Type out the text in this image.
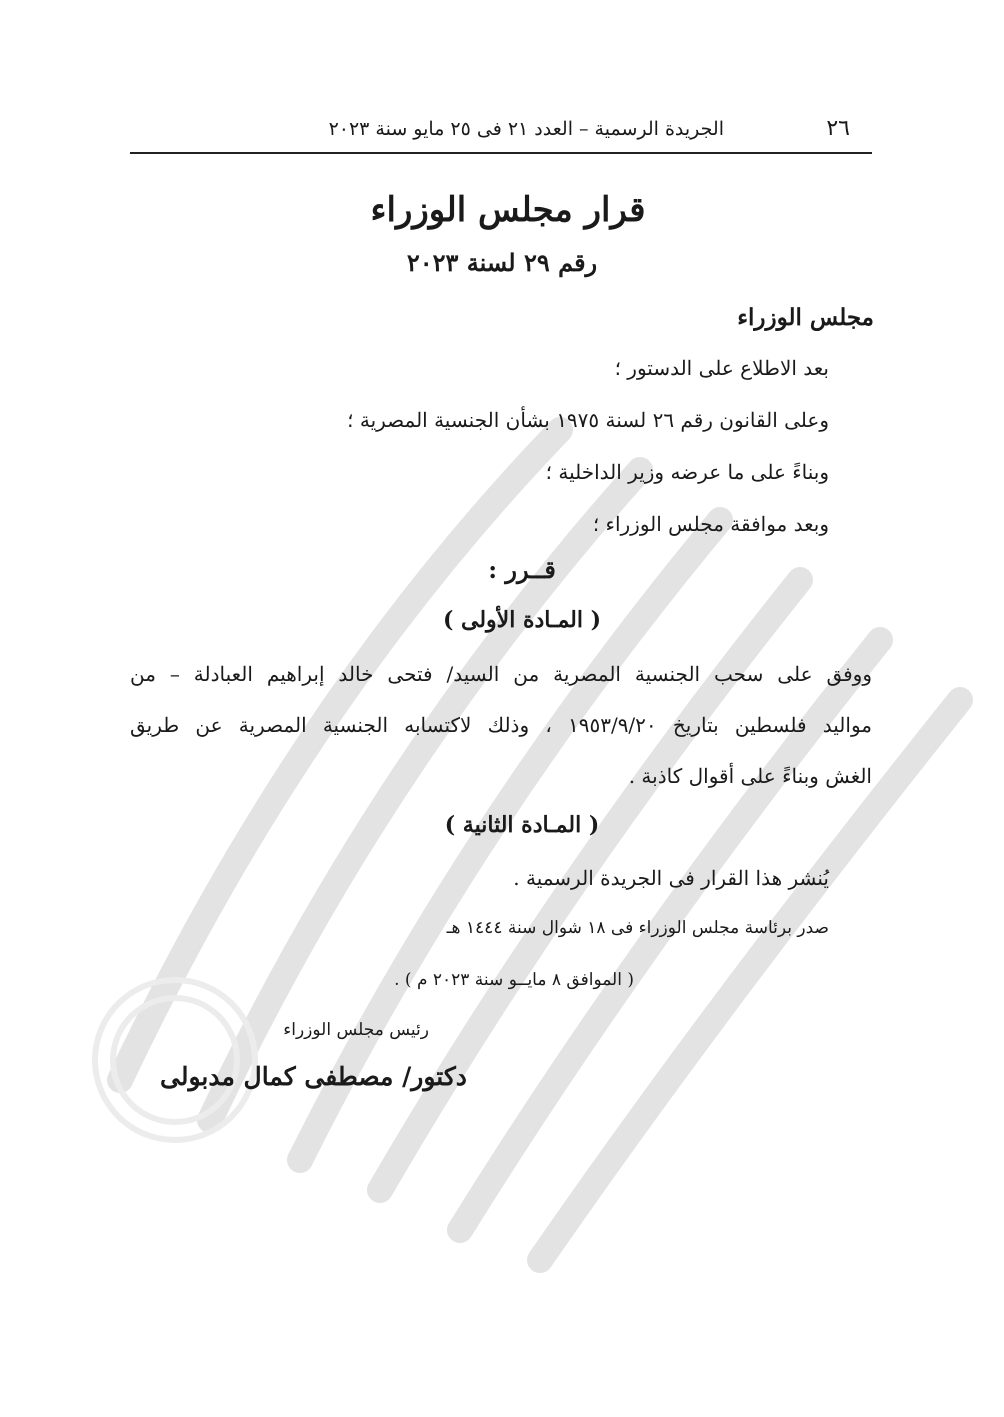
٢٦
الجريدة الرسمية – العدد ٢١ فى ٢٥ مايو سنة ٢٠٢٣
قرار مجلس الوزراء
رقم ٢٩ لسنة ٢٠٢٣
مجلس الوزراء
بعد الاطلاع على الدستور ؛
وعلى القانون رقم ٢٦ لسنة ١٩٧٥ بشأن الجنسية المصرية ؛
وبناءً على ما عرضه وزير الداخلية ؛
وبعد موافقة مجلس الوزراء ؛
قــرر :
( المـادة الأولى )
ووفق على سحب الجنسية المصرية من السيد/ فتحى خالد إبراهيم العبادلة – من
مواليد فلسطين بتاريخ ١٩٥٣/٩/٢٠ ، وذلك لاكتسابه الجنسية المصرية عن طريق
الغش وبناءً على أقوال كاذبة .
( المـادة الثانية )
يُنشر هذا القرار فى الجريدة الرسمية .
صدر برئاسة مجلس الوزراء فى ١٨ شوال سنة ١٤٤٤ هـ
( الموافق ٨ مايــو سنة ٢٠٢٣ م ) .
رئيس مجلس الوزراء
دكتور/ مصطفى كمال مدبولى
